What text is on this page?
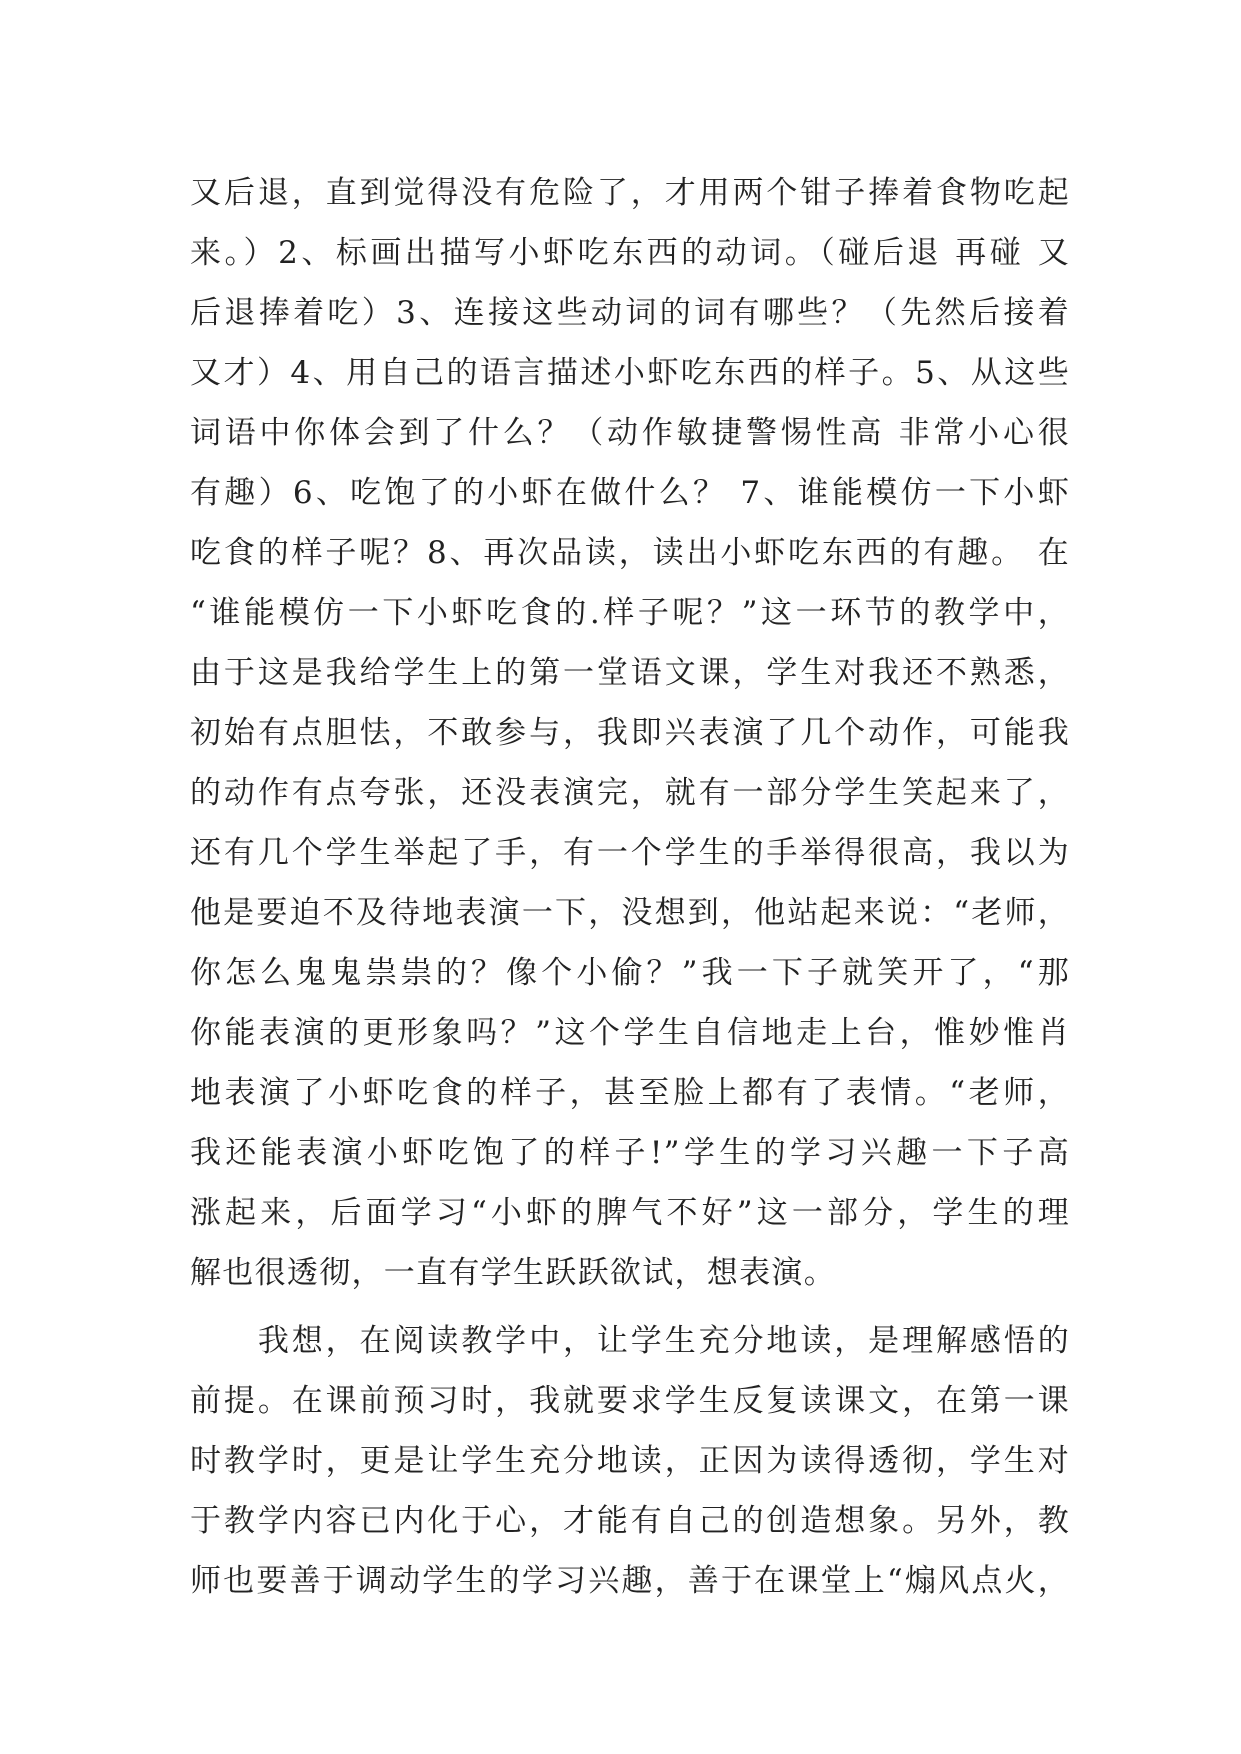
又后退，直到觉得没有危险了，才用两个钳子捧着食物吃起
来。）2、标画出描写小虾吃东西的动词。（碰后退 再碰 又
后退捧着吃）3、连接这些动词的词有哪些？（先然后接着
又才）4、用自己的语言描述小虾吃东西的样子。5、从这些
词语中你体会到了什么？（动作敏捷警惕性高 非常小心很
有趣）6、吃饱了的小虾在做什么？ 7、谁能模仿一下小虾
吃食的样子呢？8、再次品读，读出小虾吃东西的有趣。 在
“谁能模仿一下小虾吃食的.样子呢？”这一环节的教学中，
由于这是我给学生上的第一堂语文课，学生对我还不熟悉，
初始有点胆怯，不敢参与，我即兴表演了几个动作，可能我
的动作有点夸张，还没表演完，就有一部分学生笑起来了，
还有几个学生举起了手，有一个学生的手举得很高，我以为
他是要迫不及待地表演一下，没想到，他站起来说：“老师，
你怎么鬼鬼祟祟的？像个小偷？”我一下子就笑开了，“那
你能表演的更形象吗？”这个学生自信地走上台，惟妙惟肖
地表演了小虾吃食的样子，甚至脸上都有了表情。“老师，
我还能表演小虾吃饱了的样子!”学生的学习兴趣一下子高
涨起来，后面学习“小虾的脾气不好”这一部分，学生的理
解也很透彻，一直有学生跃跃欲试，想表演。
　　我想，在阅读教学中，让学生充分地读，是理解感悟的
前提。在课前预习时，我就要求学生反复读课文，在第一课
时教学时，更是让学生充分地读，正因为读得透彻，学生对
于教学内容已内化于心，才能有自己的创造想象。另外，教
师也要善于调动学生的学习兴趣，善于在课堂上“煽风点火，
